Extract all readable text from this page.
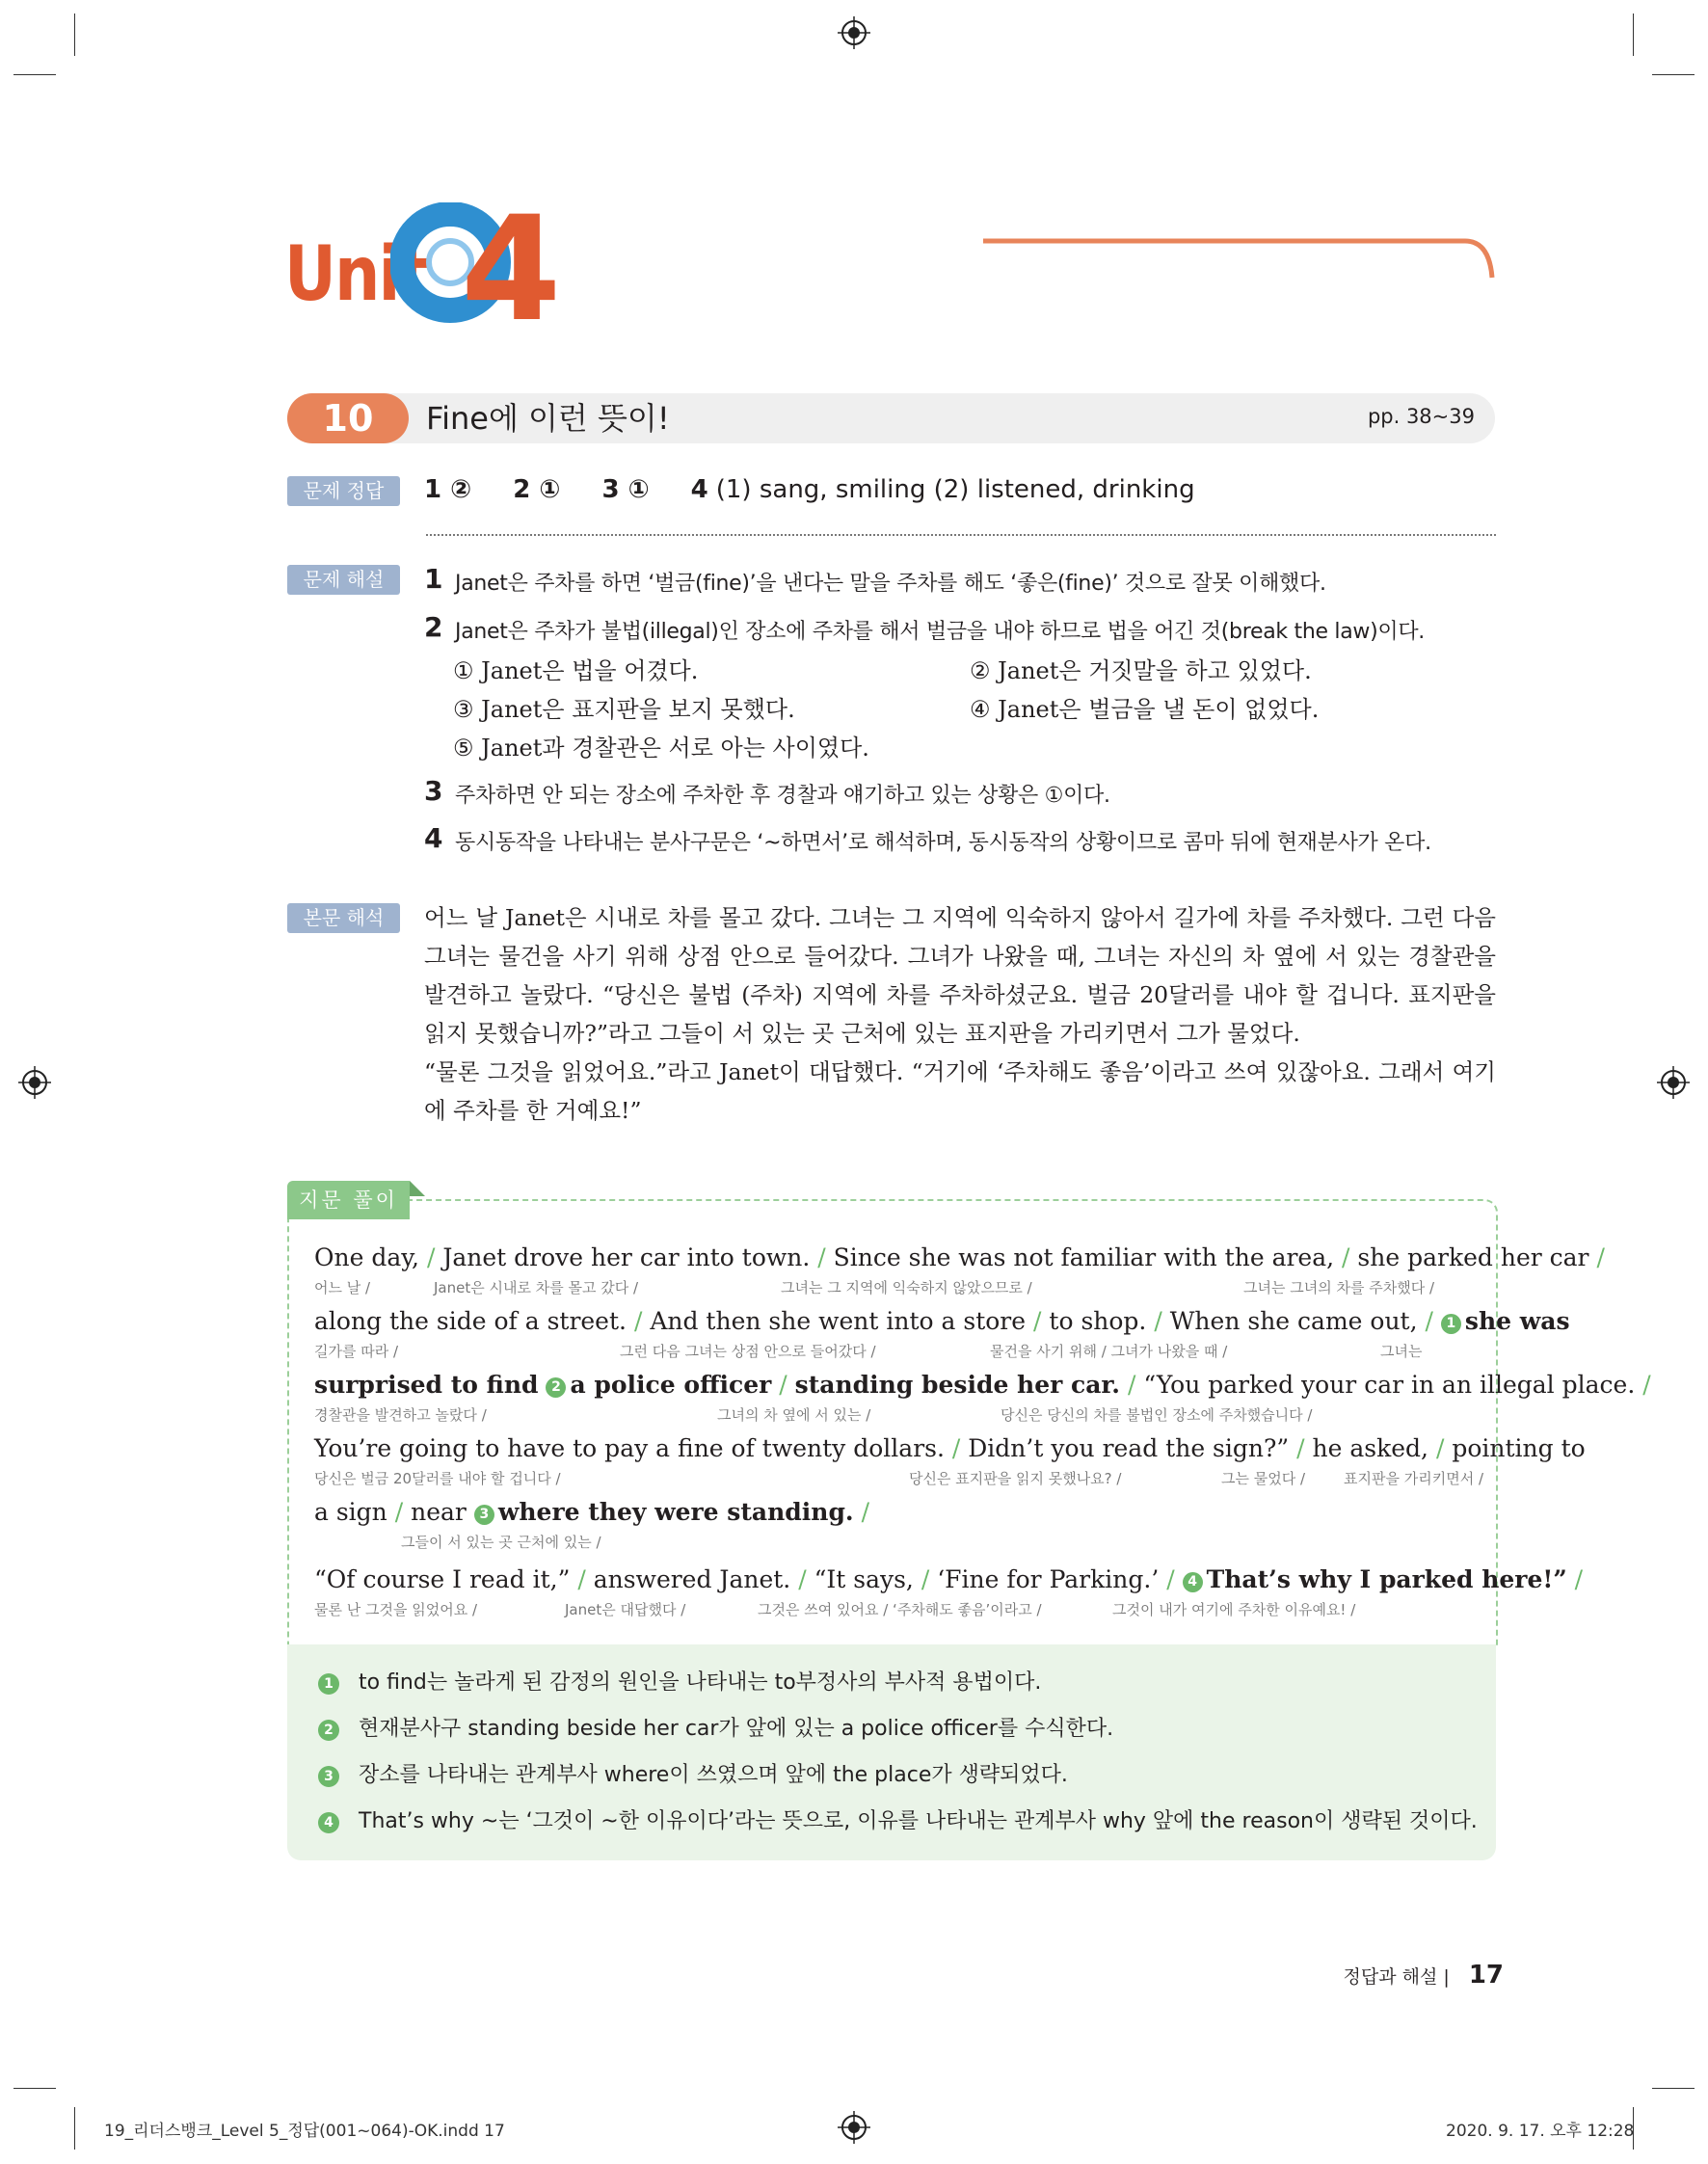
Unit 4
10	Fine에 이런 뜻이!	pp. 38~39
문제 정답	1 ② 2 ① 3 ① 4 (1) sang, smiling (2) listened, drinking
문제 해설	1 Janet은 주차를 하면 ‘벌금(fine)’을 낸다는 말을 주차를 해도 ‘좋은(fine)’ 것으로 잘못 이해했다.
2 Janet은 주차가 불법(illegal)인 장소에 주차를 해서 벌금을 내야 하므로 법을 어긴 것(break the law)이다.
① Janet은 법을 어겼다.	② Janet은 거짓말을 하고 있었다.
③ Janet은 표지판을 보지 못했다.	④ Janet은 벌금을 낼 돈이 없었다.
⑤ Janet과 경찰관은 서로 아는 사이였다.
3 주차하면 안 되는 장소에 주차한 후 경찰과 얘기하고 있는 상황은 ①이다.
4 동시동작을 나타내는 분사구문은 ‘~하면서’로 해석하며, 동시동작의 상황이므로 콤마 뒤에 현재분사가 온다.
본문 해석	어느 날 Janet은 시내로 차를 몰고 갔다. 그녀는 그 지역에 익숙하지 않아서 길가에 차를 주차했다. 그런 다음 그녀는 물건을 사기 위해 상점 안으로 들어갔다. 그녀가 나왔을 때, 그녀는 자신의 차 옆에 서 있는 경찰관을 발견하고 놀랐다. “당신은 불법 (주차) 지역에 차를 주차하셨군요. 벌금 20달러를 내야 할 겁니다. 표지판을 읽지 못했습니까?”라고 그들이 서 있는 곳 근처에 있는 표지판을 가리키면서 그가 물었다.
“물론 그것을 읽었어요.”라고 Janet이 대답했다. “거기에 ‘주차해도 좋음’이라고 쓰여 있잖아요. 그래서 여기에 주차를 한 거예요!”
지문 풀이
One day, / Janet drove her car into town. / Since she was not familiar with the area, / she parked her car /
어느 날 /	Janet은 시내로 차를 몰고 갔다 /	그녀는 그 지역에 익숙하지 않았으므로 /	그녀는 그녀의 차를 주차했다 /
along the side of a street. / And then she went into a store / to shop. / When she came out, / 1 she was
길가를 따라 /	그런 다음 그녀는 상점 안으로 들어갔다 /	물건을 사기 위해 / 그녀가 나왔을 때 /	그녀는
surprised to find 2 a police officer / standing beside her car. / “You parked your car in an illegal place. /
경찰관을 발견하고 놀랐다 /	그녀의 차 옆에 서 있는 /	당신은 당신의 차를 불법인 장소에 주차했습니다 /
You’re going to have to pay a fine of twenty dollars. / Didn’t you read the sign?” / he asked, / pointing to
당신은 벌금 20달러를 내야 할 겁니다 /	당신은 표지판을 읽지 못했나요? /	그는 물었다 /	표지판을 가리키면서 /
a sign / near 3 where they were standing. /
그들이 서 있는 곳 근처에 있는 /
“Of course I read it,” / answered Janet. / “It says, / ‘Fine for Parking.’ / 4 That’s why I parked here!” /
물론 난 그것을 읽었어요 /	Janet은 대답했다 /	그것은 쓰여 있어요 / ‘주차해도 좋음’이라고 /	그것이 내가 여기에 주차한 이유예요! /
1 to find는 놀라게 된 감정의 원인을 나타내는 to부정사의 부사적 용법이다.
2 현재분사구 standing beside her car가 앞에 있는 a police officer를 수식한다.
3 장소를 나타내는 관계부사 where이 쓰였으며 앞에 the place가 생략되었다.
4 That’s why ~는 ‘그것이 ~한 이유이다’라는 뜻으로, 이유를 나타내는 관계부사 why 앞에 the reason이 생략된 것이다.
정답과 해설 | 17
19_리더스뱅크_Level 5_정답(001~064)-OK.indd 17	2020. 9. 17. 오후 12:28
